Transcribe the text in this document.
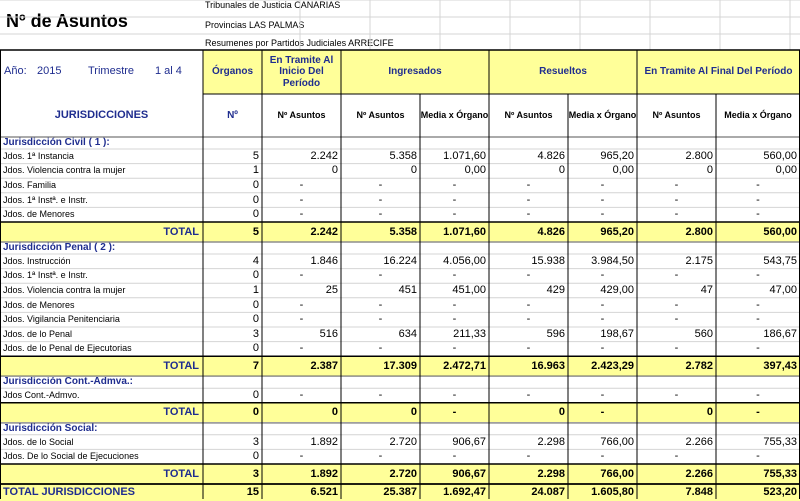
Nº de Asuntos
Tribunales de Justicia CANARIAS
Provincias LAS PALMAS
Resumenes por Partidos Judiciales ARRECIFE
Año: 2015	Trimestre	1 al 4	Órganos
En Tramite Al Inicio Del Período
Ingresados	Resueltos	En Tramite Al Final Del Período
JURISDICCIONES	Nº	Nº Asuntos	Nº Asuntos	Media x Órgano	Nº Asuntos	Media x Órgano	Nº Asuntos	Media x Órgano
Jurisdicción Civil ( 1 ):
Jdos. 1ª Instancia	5	2.242	5.358	1.071,60	4.826	965,20	2.800	560,00
Jdos. Violencia contra la mujer	1	0	0	0,00	0	0,00	0	0,00
Jdos. Familia	0	-	-	-	-	-	-	-
Jdos. 1ª Instª. e Instr.	0	-	-	-	-	-	-	-
Jdos. de Menores	0	-	-	-	-	-	-	-
TOTAL	5	2.242	5.358	1.071,60	4.826	965,20	2.800	560,00
Jurisdicción Penal ( 2 ):
Jdos. Instrucción	4	1.846	16.224	4.056,00	15.938	3.984,50	2.175	543,75
Jdos. 1ª Instª. e Instr.	0	-	-	-	-	-	-	-
Jdos. Violencia contra la mujer	1	25	451	451,00	429	429,00	47	47,00
Jdos. de Menores	0	-	-	-	-	-	-	-
Jdos. Vigilancia Penitenciaria	0	-	-	-	-	-	-	-
Jdos. de lo Penal	3	516	634	211,33	596	198,67	560	186,67
Jdos. de lo Penal de Ejecutorias	0	-	-	-	-	-	-	-
TOTAL	7	2.387	17.309	2.472,71	16.963	2.423,29	2.782	397,43
Jurisdicción Cont.-Admva.:
Jdos Cont.-Admvo.	0	-	-	-	-	-	-	-
TOTAL	0	0	0	-	0	-	0	-
Jurisdicción Social:
Jdos. de lo Social	3	1.892	2.720	906,67	2.298	766,00	2.266	755,33
Jdos. De lo Social de Ejecuciones	0	-	-	-	-	-	-	-
TOTAL	3	1.892	2.720	906,67	2.298	766,00	2.266	755,33
TOTAL JURISDICCIONES	15	6.521	25.387	1.692,47	24.087	1.605,80	7.848	523,20
